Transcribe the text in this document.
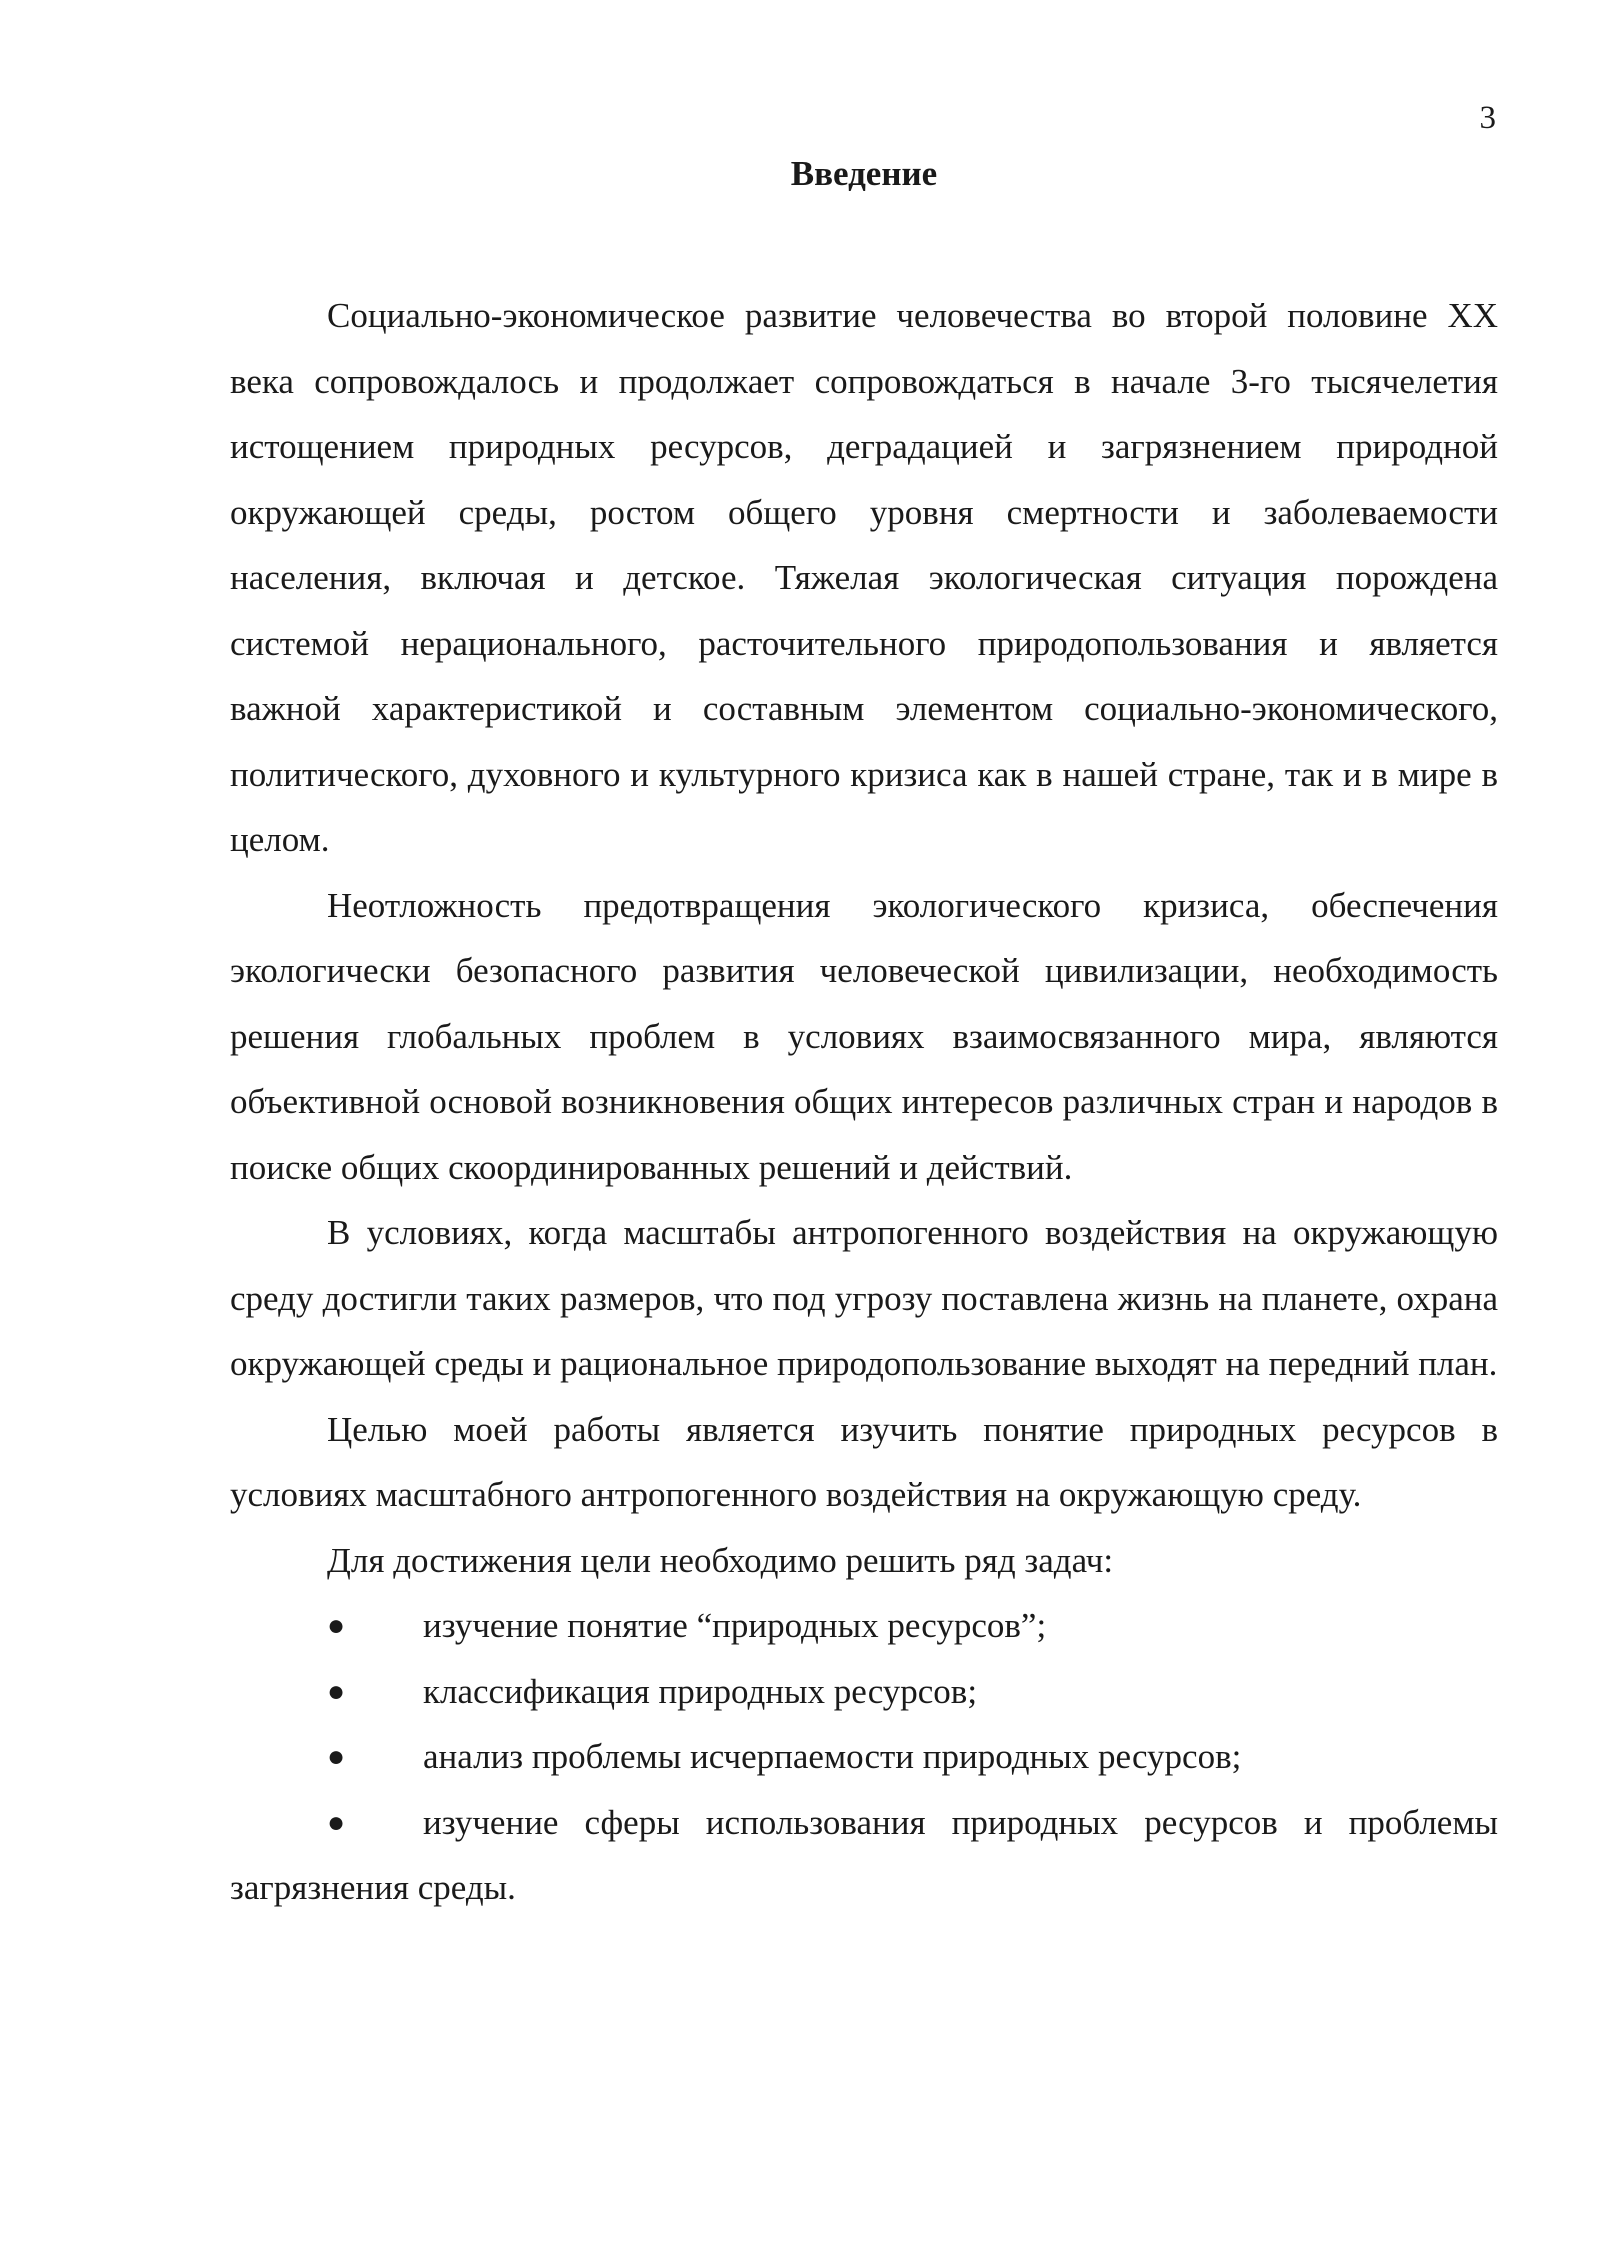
3
Введение

Социально-экономическое развитие человечества во второй половине XX века сопровождалось и продолжает сопровождаться в начале 3-го тысячелетия истощением природных ресурсов, деградацией и загрязнением природной окружающей среды, ростом общего уровня смертности и заболеваемости населения, включая и детское. Тяжелая экологическая ситуация порождена системой нерационального, расточительного природопользования и является важной характеристикой и составным элементом социально-экономического, политического, духовного и культурного кризиса как в нашей стране, так и в мире в целом.

Неотложность предотвращения экологического кризиса, обеспечения экологически безопасного развития человеческой цивилизации, необходимость решения глобальных проблем в условиях взаимосвязанного мира, являются объективной основой возникновения общих интересов различных стран и народов в поиске общих скоординированных решений и действий.

В условиях, когда масштабы антропогенного воздействия на окружающую среду достигли таких размеров, что под угрозу поставлена жизнь на планете, охрана окружающей среды и рациональное природопользование выходят на передний план.

Целью моей работы является изучить понятие природных ресурсов в условиях масштабного антропогенного воздействия на окружающую среду.

Для достижения цели необходимо решить ряд задач:

● изучение понятие “природных ресурсов”;
● классификация природных ресурсов;
● анализ проблемы исчерпаемости природных ресурсов;
● изучение сферы использования природных ресурсов и проблемы загрязнения среды.
